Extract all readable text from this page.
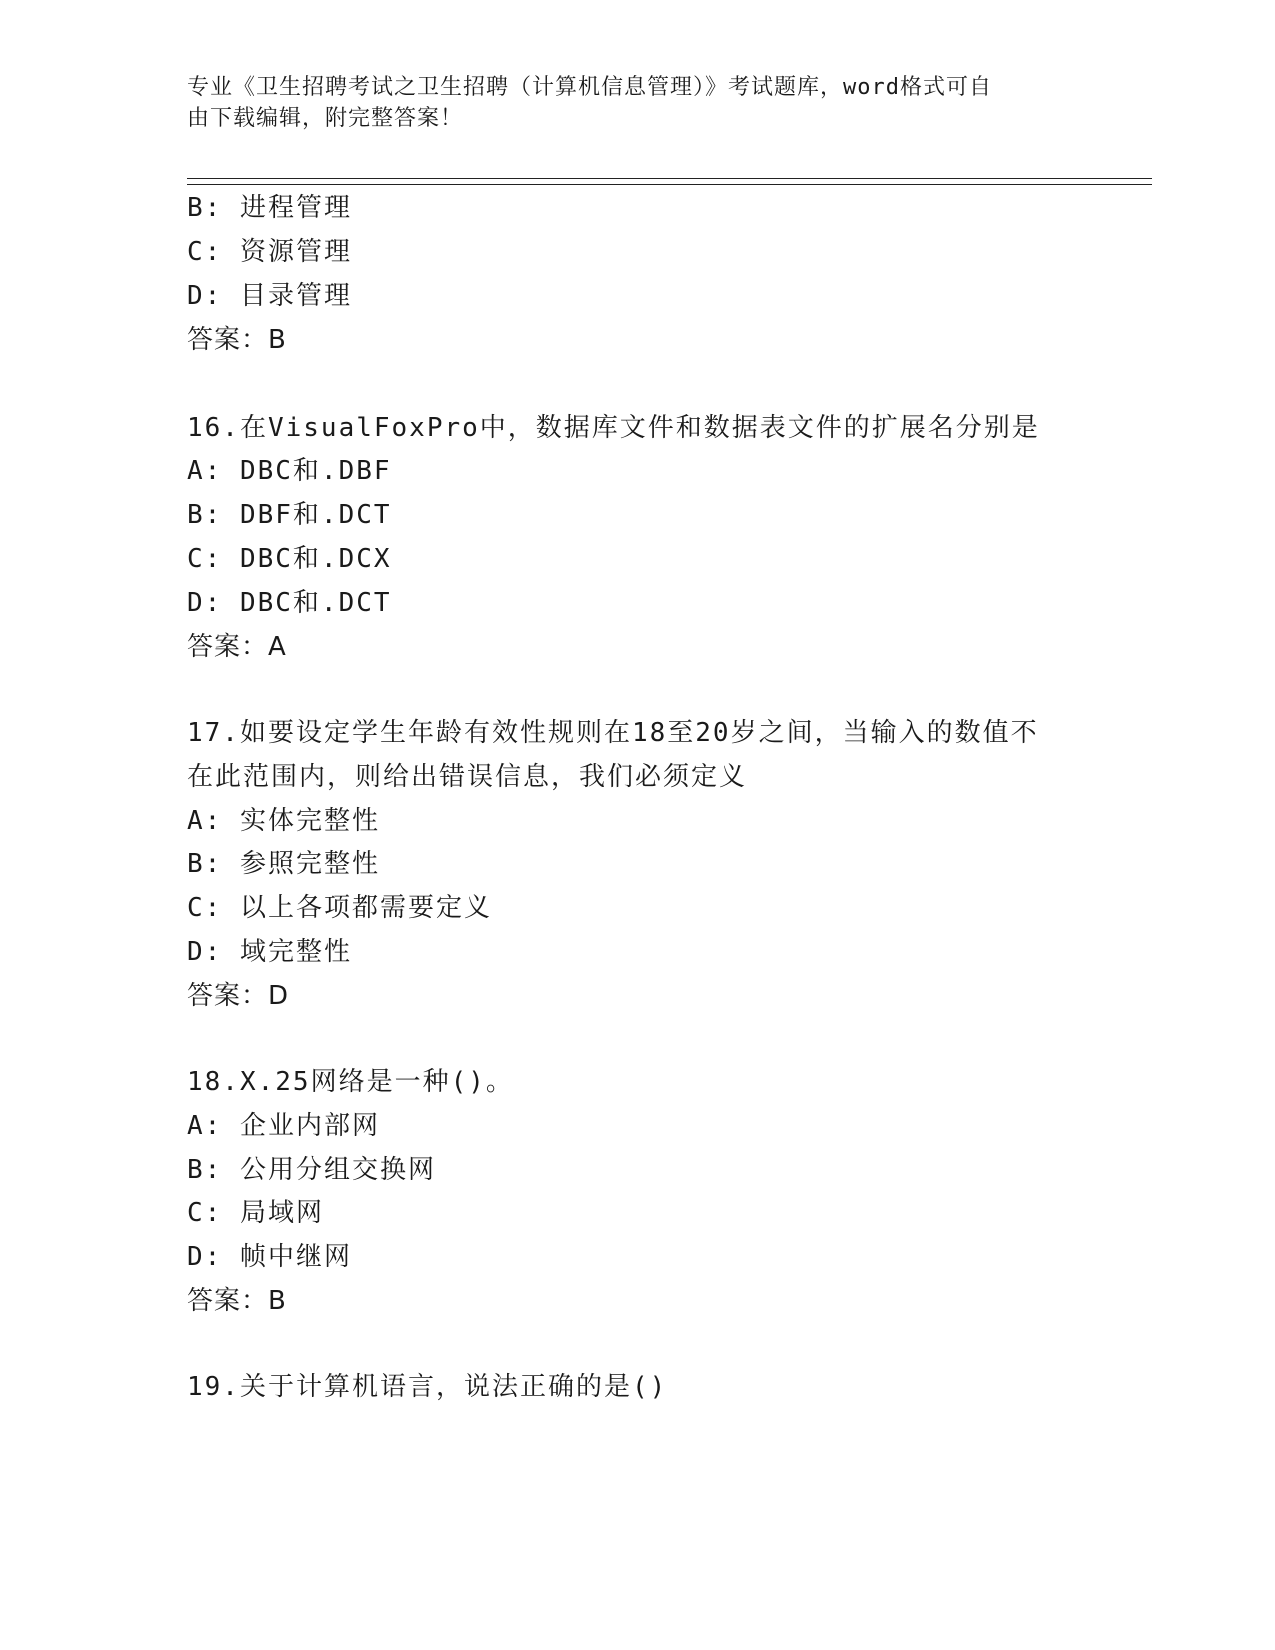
专业《卫生招聘考试之卫生招聘（计算机信息管理）》考试题库，word格式可自
由下载编辑，附完整答案！
B: 进程管理
C: 资源管理
D: 目录管理
答案：B
16.在VisualFoxPro中，数据库文件和数据表文件的扩展名分别是
A: DBC和.DBF
B: DBF和.DCT
C: DBC和.DCX
D: DBC和.DCT
答案：A
17.如要设定学生年龄有效性规则在18至20岁之间，当输入的数值不
在此范围内，则给出错误信息，我们必须定义
A: 实体完整性
B: 参照完整性
C: 以上各项都需要定义
D: 域完整性
答案：D
18.X.25网络是一种()。
A: 企业内部网
B: 公用分组交换网
C: 局域网
D: 帧中继网
答案：B
19.关于计算机语言，说法正确的是()
